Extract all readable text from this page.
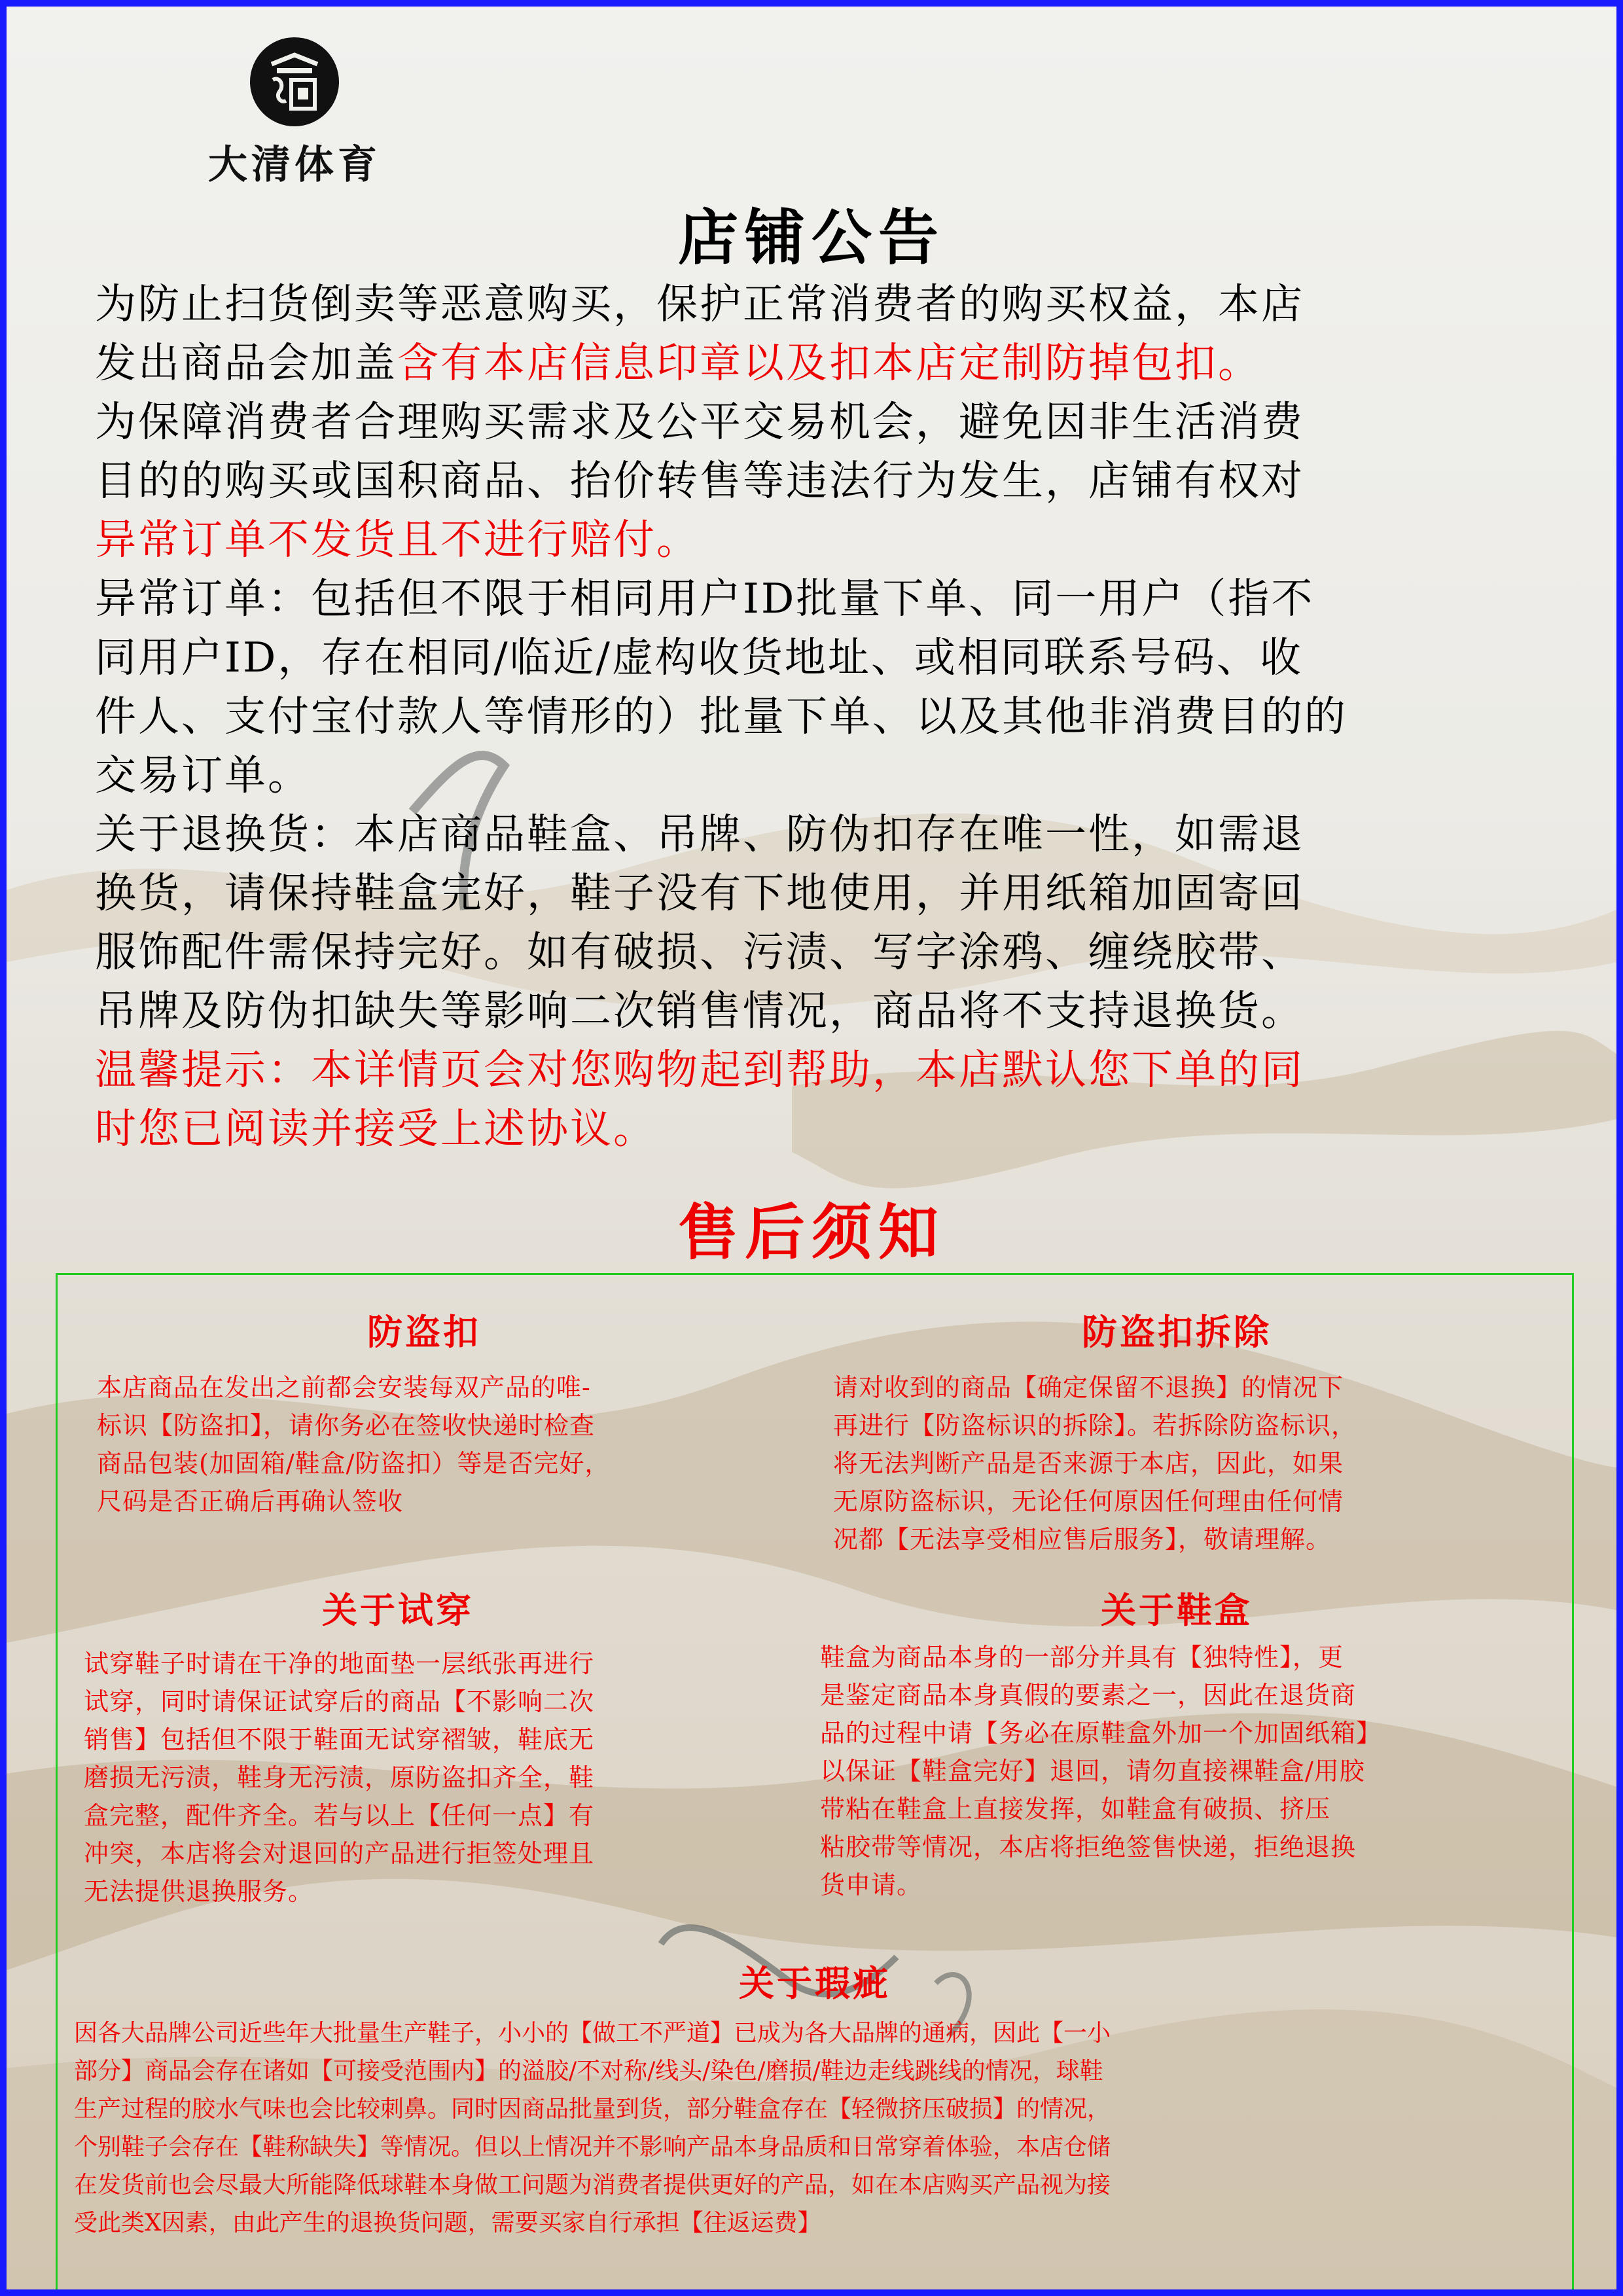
大清体育
店铺公告

为防止扫货倒卖等恶意购买，保护正常消费者的购买权益，本店

发出商品会加盖含有本店信息印章以及扣本店定制防掉包扣。

为保障消费者合理购买需求及公平交易机会，避免因非生活消费

目的的购买或国积商品、抬价转售等违法行为发生，店铺有权对

异常订单不发货且不进行赔付。

异常订单：包括但不限于相同用户ID批量下单、同一用户（指不

同用户ID，存在相同/临近/虚构收货地址、或相同联系号码、收

件人、支付宝付款人等情形的）批量下单、以及其他非消费目的的

交易订单。

关于退换货：本店商品鞋盒、吊牌、防伪扣存在唯一性，如需退

换货，请保持鞋盒完好，鞋子没有下地使用，并用纸箱加固寄回

服饰配件需保持完好。如有破损、污渍、写字涂鸦、缠绕胶带、

吊牌及防伪扣缺失等影响二次销售情况，商品将不支持退换货。

温馨提示：本详情页会对您购物起到帮助，本店默认您下单的同

时您已阅读并接受上述协议。

售后须知
防盗扣

本店商品在发出之前都会安装每双产品的唯-

标识【防盗扣】，请你务必在签收快递时检查

商品包装(加固箱/鞋盒/防盗扣）等是否完好，

尺码是否正确后再确认签收

防盗扣拆除

请对收到的商品【确定保留不退换】的情况下

再进行【防盗标识的拆除】。若拆除防盗标识，

将无法判断产品是否来源于本店，因此，如果

无原防盗标识，无论任何原因任何理由任何情

况都【无法享受相应售后服务】，敬请理解。

关于试穿

试穿鞋子时请在干净的地面垫一层纸张再进行

试穿，同时请保证试穿后的商品【不影响二次

销售】包括但不限于鞋面无试穿褶皱，鞋底无

磨损无污渍，鞋身无污渍，原防盗扣齐全，鞋

盒完整，配件齐全。若与以上【任何一点】有

冲突，本店将会对退回的产品进行拒签处理且

无法提供退换服务。

关于鞋盒

鞋盒为商品本身的一部分并具有【独特性】，更

是鉴定商品本身真假的要素之一，因此在退货商

品的过程中请【务必在原鞋盒外加一个加固纸箱】

以保证【鞋盒完好】退回，请勿直接裸鞋盒/用胶

带粘在鞋盒上直接发挥，如鞋盒有破损、挤压

粘胶带等情况，本店将拒绝签售快递，拒绝退换

货申请。

关于瑕疵

因各大品牌公司近些年大批量生产鞋子，小小的【做工不严道】已成为各大品牌的通病，因此【一小

部分】商品会存在诸如【可接受范围内】的溢胶/不对称/线头/染色/磨损/鞋边走线跳线的情况，球鞋

生产过程的胶水气味也会比较刺鼻。同时因商品批量到货，部分鞋盒存在【轻微挤压破损】的情况，

个别鞋子会存在【鞋称缺失】等情况。但以上情况并不影响产品本身品质和日常穿着体验，本店仓储

在发货前也会尽最大所能降低球鞋本身做工问题为消费者提供更好的产品，如在本店购买产品视为接

受此类X因素，由此产生的退换货问题，需要买家自行承担【往返运费】
